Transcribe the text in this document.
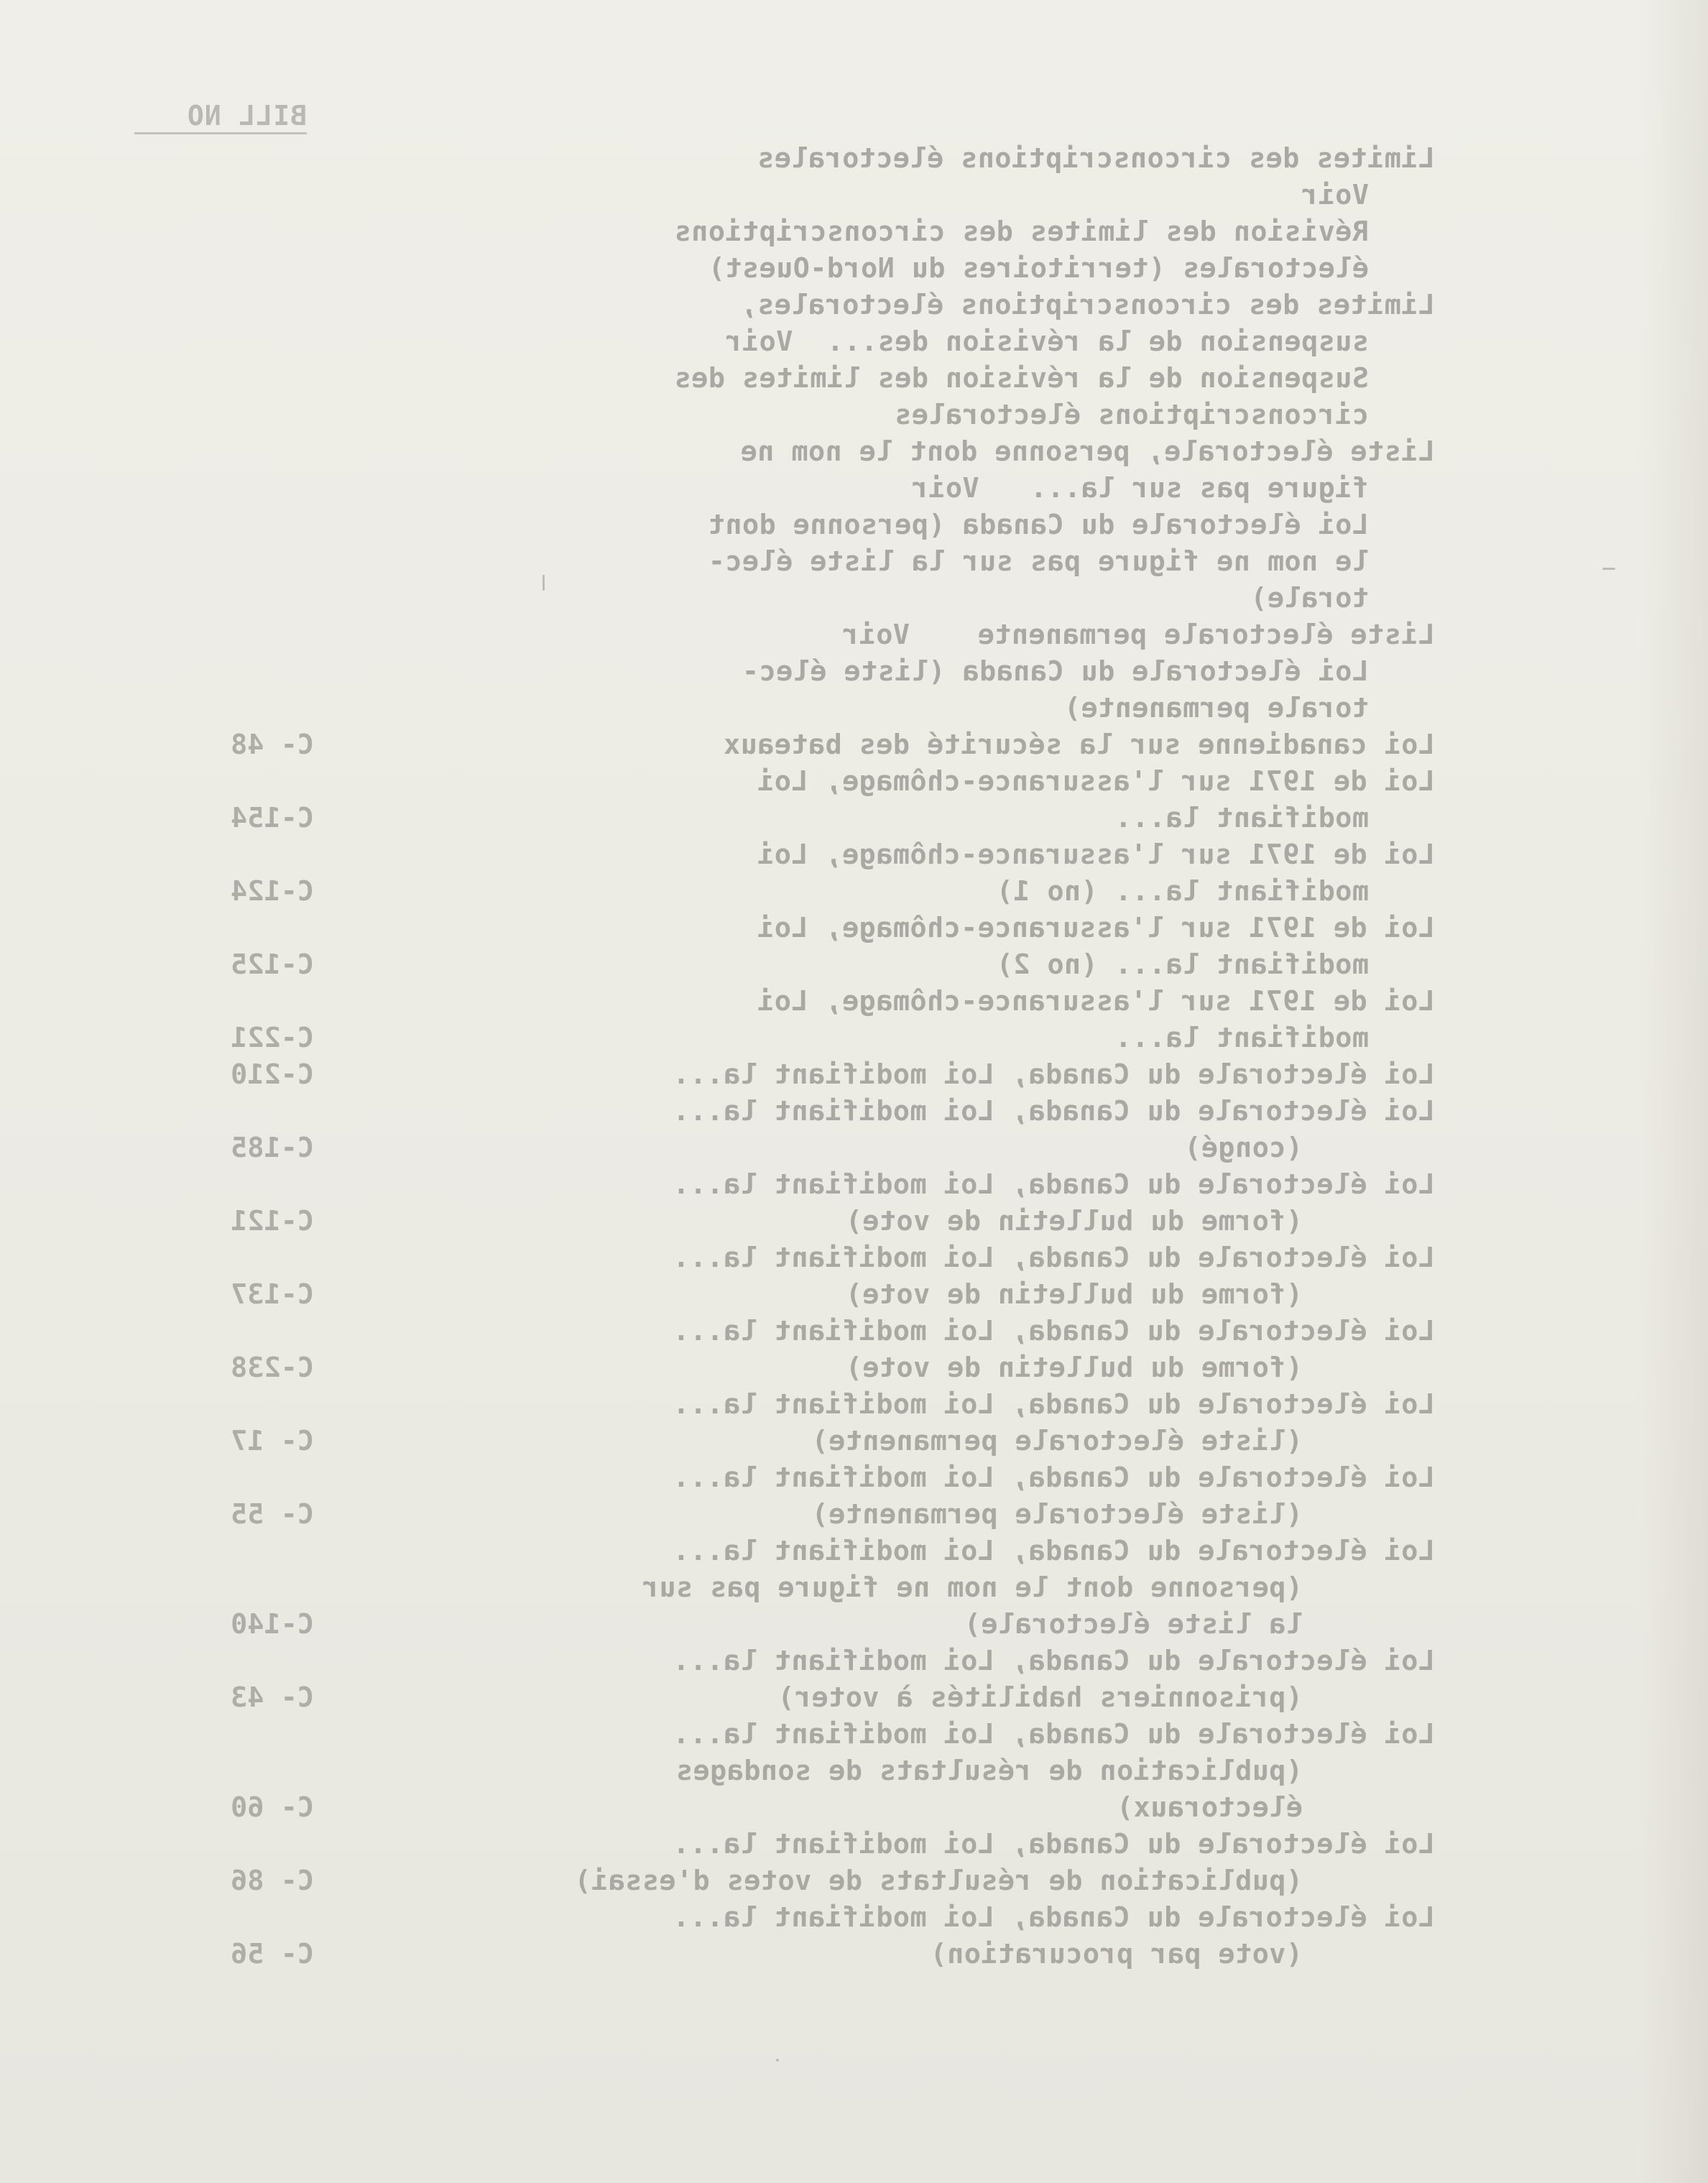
BILL NO
Limites des circonscriptions électorales
Voir
Révision des limites des circonscriptions
électorales (territoires du Nord-Ouest)
Limites des circonscriptions électorales,
suspension de la révision des...  Voir
Suspension de la révision des limites des
circonscriptions électorales
Liste électorale, personne dont le nom ne
figure pas sur la...   Voir
Loi électorale du Canada (personne dont
le nom ne figure pas sur la liste élec-
torale)
Liste électorale permanente    Voir
Loi électorale du Canada (liste élec-
torale permanente)
Loi canadienne sur la sécurité des bateaux
C- 48
Loi de 1971 sur l'assurance-chômage, Loi
modifiant la...
C-154
Loi de 1971 sur l'assurance-chômage, Loi
modifiant la... (no 1)
C-124
Loi de 1971 sur l'assurance-chômage, Loi
modifiant la... (no 2)
C-125
Loi de 1971 sur l'assurance-chômage, Loi
modifiant la...
C-221
Loi électorale du Canada, Loi modifiant la...
C-210
Loi électorale du Canada, Loi modifiant la...
(congé)
C-185
Loi électorale du Canada, Loi modifiant la...
(forme du bulletin de vote)
C-121
Loi électorale du Canada, Loi modifiant la...
(forme du bulletin de vote)
C-137
Loi électorale du Canada, Loi modifiant la...
(forme du bulletin de vote)
C-238
Loi électorale du Canada, Loi modifiant la...
(liste électorale permanente)
C- 17
Loi électorale du Canada, Loi modifiant la...
(liste électorale permanente)
C- 55
Loi électorale du Canada, Loi modifiant la...
(personne dont le nom ne figure pas sur
la liste électorale)
C-140
Loi électorale du Canada, Loi modifiant la...
(prisonniers habilités à voter)
C- 43
Loi électorale du Canada, Loi modifiant la...
(publication de résultats de sondages
électoraux)
C- 60
Loi électorale du Canada, Loi modifiant la...
(publication de résultats de votes d'essai)
C- 86
Loi électorale du Canada, Loi modifiant la...
(vote par procuration)
C- 56
